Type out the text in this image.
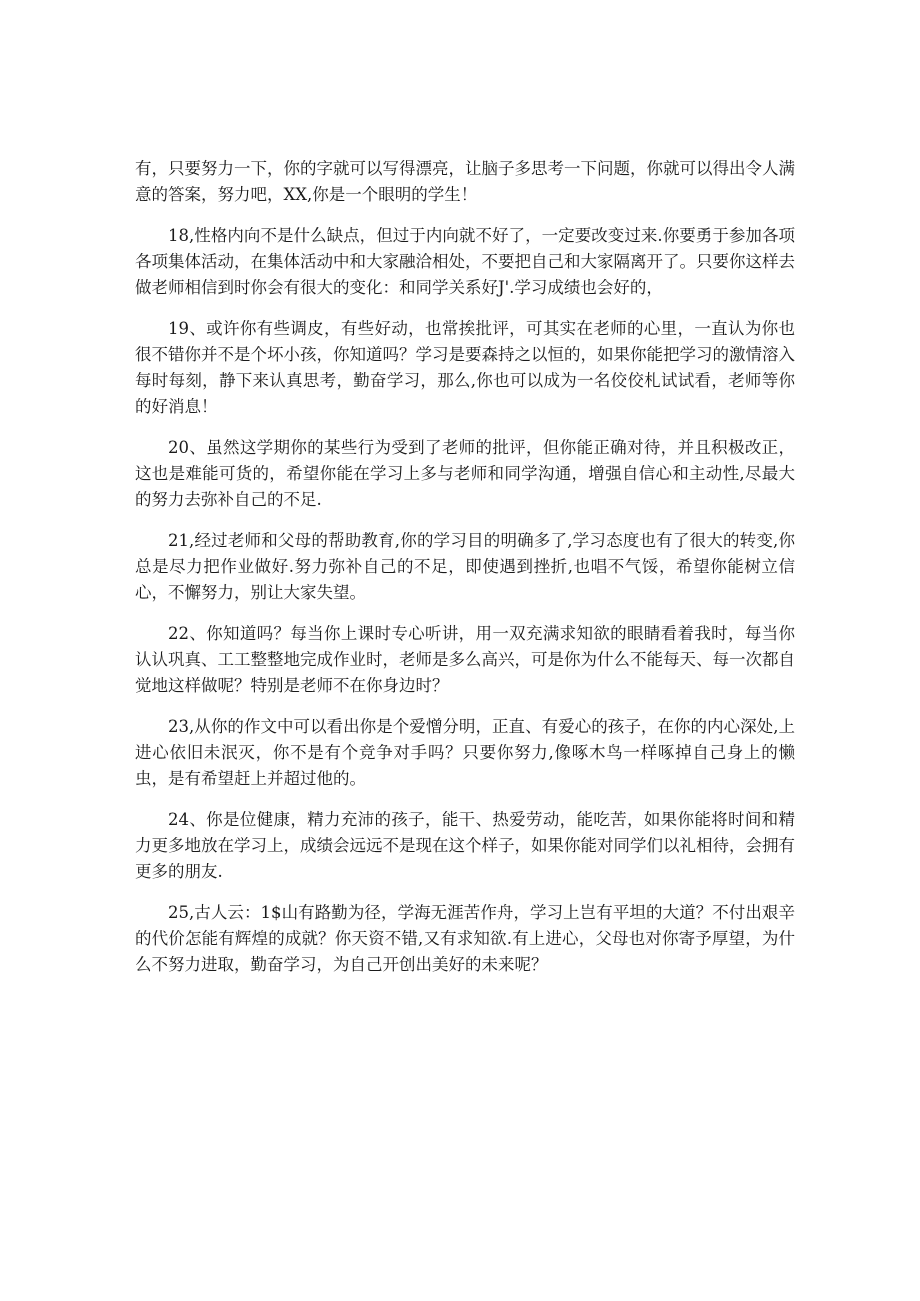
有，只要努力一下，你的字就可以写得漂亮，让脑子多思考一下问题，你就可以得出令人满意的答案，努力吧，XX,你是一个眼明的学生！

18,性格内向不是什么缺点，但过于内向就不好了，一定要改变过来.你要勇于参加各项各项集体活动，在集体活动中和大家融洽相处，不要把自己和大家隔离开了。只要你这样去做老师相信到时你会有很大的变化：和同学关系好J'.学习成绩也会好的，

19、或许你有些调皮，有些好动，也常挨批评，可其实在老师的心里，一直认为你也很不错你并不是个坏小孩，你知道吗？学习是要森持之以恒的，如果你能把学习的激情溶入每时每刻，静下来认真思考，勤奋学习，那么,你也可以成为一名佼佼札试试看，老师等你的好消息！

20、虽然这学期你的某些行为受到了老师的批评，但你能正确对待，并且积极改正，这也是难能可货的，希望你能在学习上多与老师和同学沟通，增强自信心和主动性,尽最大的努力去弥补自己的不足.

21,经过老师和父母的帮助教育,你的学习目的明确多了,学习态度也有了很大的转变,你总是尽力把作业做好.努力弥补自己的不足，即使遇到挫折,也唱不气馁，希望你能树立信心，不懈努力，别让大家失望。

22、你知道吗？每当你上课时专心听讲，用一双充满求知欲的眼睛看着我时，每当你认认巩真、工工整整地完成作业时，老师是多么高兴，可是你为什么不能每天、每一次都自觉地这样做呢？特别是老师不在你身边时？

23,从你的作文中可以看出你是个爱憎分明，正直、有爱心的孩子，在你的内心深处,上进心依旧未泯灭，你不是有个竞争对手吗？只要你努力,像啄木鸟一样啄掉自己身上的懒虫，是有希望赶上并超过他的。

24、你是位健康，精力充沛的孩子，能干、热爱劳动，能吃苦，如果你能将时间和精力更多地放在学习上，成绩会远远不是现在这个样子，如果你能对同学们以礼相待，会拥有更多的朋友.

25,古人云：1$山有路勤为径，学海无涯苦作舟，学习上岂有平坦的大道？不付出艰辛的代价怎能有辉煌的成就？你天资不错,又有求知欲.有上进心，父母也对你寄予厚望，为什么不努力进取，勤奋学习，为自己开创出美好的未来呢？
